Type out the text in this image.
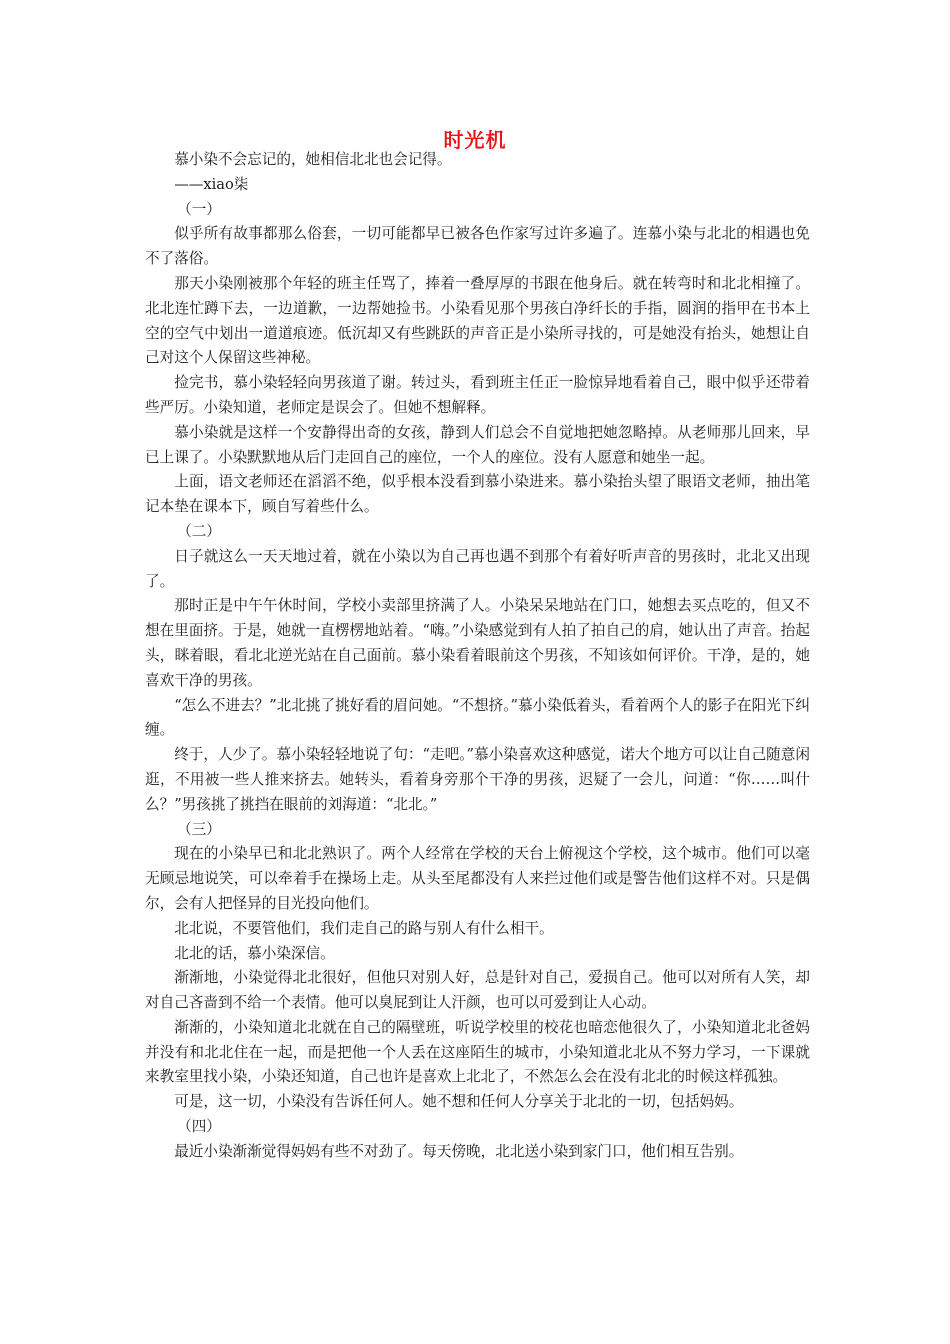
时光机

慕小染不会忘记的，她相信北北也会记得。

——xiao柒

（一）

似乎所有故事都那么俗套，一切可能都早已被各色作家写过许多遍了。连慕小染与北北的相遇也免不了落俗。

那天小染刚被那个年轻的班主任骂了，捧着一叠厚厚的书跟在他身后。就在转弯时和北北相撞了。北北连忙蹲下去，一边道歉，一边帮她捡书。小染看见那个男孩白净纤长的手指，圆润的指甲在书本上空的空气中划出一道道痕迹。低沉却又有些跳跃的声音正是小染所寻找的，可是她没有抬头，她想让自己对这个人保留这些神秘。

捡完书，慕小染轻轻向男孩道了谢。转过头，看到班主任正一脸惊异地看着自己，眼中似乎还带着些严厉。小染知道，老师定是误会了。但她不想解释。

慕小染就是这样一个安静得出奇的女孩，静到人们总会不自觉地把她忽略掉。从老师那儿回来，早已上课了。小染默默地从后门走回自己的座位，一个人的座位。没有人愿意和她坐一起。

上面，语文老师还在滔滔不绝，似乎根本没看到慕小染进来。慕小染抬头望了眼语文老师，抽出笔记本垫在课本下，顾自写着些什么。

（二）

日子就这么一天天地过着，就在小染以为自己再也遇不到那个有着好听声音的男孩时，北北又出现了。

那时正是中午午休时间，学校小卖部里挤满了人。小染呆呆地站在门口，她想去买点吃的，但又不想在里面挤。于是，她就一直楞楞地站着。“嗨。”小染感觉到有人拍了拍自己的肩，她认出了声音。抬起头，眯着眼，看北北逆光站在自己面前。慕小染看着眼前这个男孩，不知该如何评价。干净，是的，她喜欢干净的男孩。

“怎么不进去？”北北挑了挑好看的眉问她。“不想挤。”慕小染低着头，看着两个人的影子在阳光下纠缠。

终于，人少了。慕小染轻轻地说了句：“走吧。”慕小染喜欢这种感觉，诺大个地方可以让自己随意闲逛，不用被一些人推来挤去。她转头，看着身旁那个干净的男孩，迟疑了一会儿，问道：“你……叫什么？”男孩挑了挑挡在眼前的刘海道：“北北。”

（三）

现在的小染早已和北北熟识了。两个人经常在学校的天台上俯视这个学校，这个城市。他们可以毫无顾忌地说笑，可以牵着手在操场上走。从头至尾都没有人来拦过他们或是警告他们这样不对。只是偶尔，会有人把怪异的目光投向他们。

北北说，不要管他们，我们走自己的路与别人有什么相干。

北北的话，慕小染深信。

渐渐地，小染觉得北北很好，但他只对别人好，总是针对自己，爱损自己。他可以对所有人笑，却对自己吝啬到不给一个表情。他可以臭屁到让人汗颜，也可以可爱到让人心动。

渐渐的，小染知道北北就在自己的隔壁班，听说学校里的校花也暗恋他很久了，小染知道北北爸妈并没有和北北住在一起，而是把他一个人丢在这座陌生的城市，小染知道北北从不努力学习，一下课就来教室里找小染，小染还知道，自己也许是喜欢上北北了，不然怎么会在没有北北的时候这样孤独。

可是，这一切，小染没有告诉任何人。她不想和任何人分享关于北北的一切，包括妈妈。

（四）

最近小染渐渐觉得妈妈有些不对劲了。每天傍晚，北北送小染到家门口，他们相互告别。
